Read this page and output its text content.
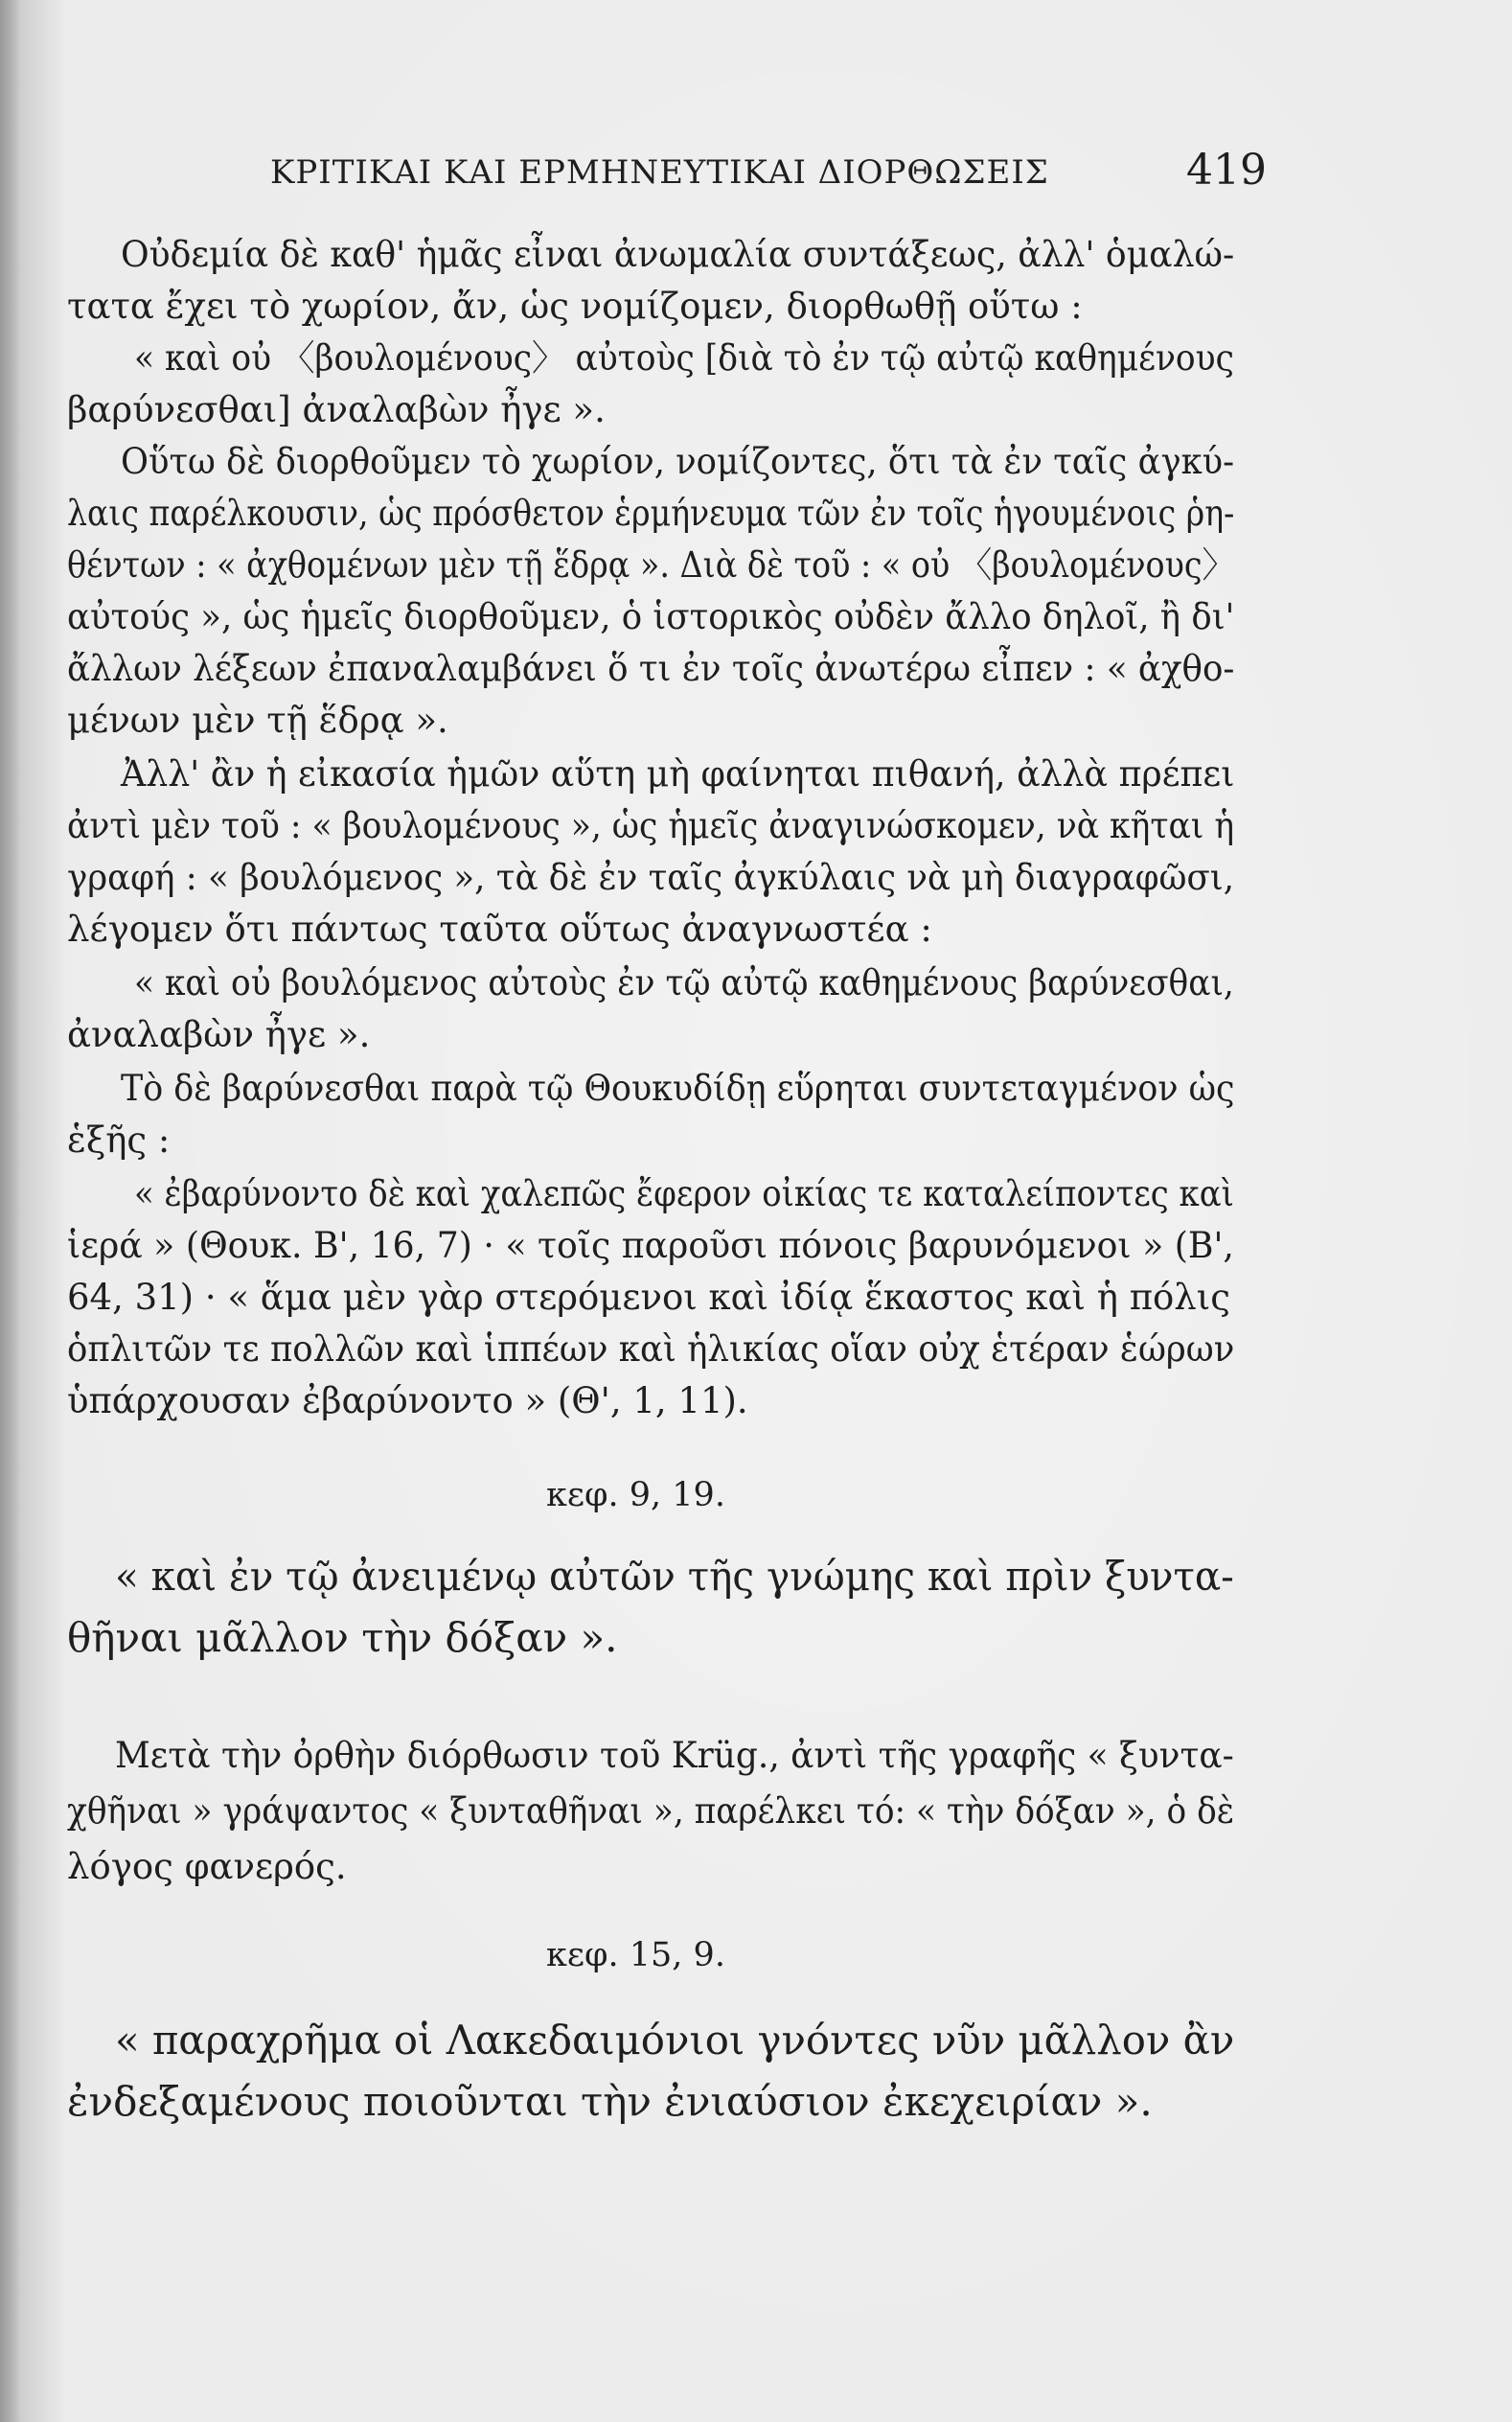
ΚΡΙΤΙΚΑΙ ΚΑΙ ΕΡΜΗΝΕΥΤΙΚΑΙ ΔΙΟΡΘΩΣΕΙΣ	419
Οὐδεμία δὲ καθ' ἡμᾶς εἶναι ἀνωμαλία συντάξεως, ἀλλ' ὁμαλώ-
τατα ἔχει τὸ χωρίον, ἄν, ὡς νομίζομεν, διορθωθῇ οὕτω :
« καὶ οὐ 〈βουλομένους〉 αὐτοὺς [διὰ τὸ ἐν τῷ αὐτῷ καθημένους
βαρύνεσθαι] ἀναλαβὼν ἦγε ».
Οὕτω δὲ διορθοῦμεν τὸ χωρίον, νομίζοντες, ὅτι τὰ ἐν ταῖς ἀγκύ-
λαις παρέλκουσιν, ὡς πρόσθετον ἑρμήνευμα τῶν ἐν τοῖς ἡγουμένοις ῥη-
θέντων : « ἀχθομένων μὲν τῇ ἕδρᾳ ». Διὰ δὲ τοῦ : « οὐ 〈βουλομένους〉
αὐτούς », ὡς ἡμεῖς διορθοῦμεν, ὁ ἱστορικὸς οὐδὲν ἄλλο δηλοῖ, ἢ δι'
ἄλλων λέξεων ἐπαναλαμβάνει ὅ τι ἐν τοῖς ἀνωτέρω εἶπεν : « ἀχθο-
μένων μὲν τῇ ἕδρᾳ ».
Ἀλλ' ἂν ἡ εἰκασία ἡμῶν αὕτη μὴ φαίνηται πιθανή, ἀλλὰ πρέπει
ἀντὶ μὲν τοῦ : « βουλομένους », ὡς ἡμεῖς ἀναγινώσκομεν, νὰ κῆται ἡ
γραφή : « βουλόμενος », τὰ δὲ ἐν ταῖς ἀγκύλαις νὰ μὴ διαγραφῶσι,
λέγομεν ὅτι πάντως ταῦτα οὕτως ἀναγνωστέα :
« καὶ οὐ βουλόμενος αὐτοὺς ἐν τῷ αὐτῷ καθημένους βαρύνεσθαι,
ἀναλαβὼν ἦγε ».
Τὸ δὲ βαρύνεσθαι παρὰ τῷ Θουκυδίδῃ εὕρηται συντεταγμένον ὡς
ἑξῆς :
« ἐβαρύνοντο δὲ καὶ χαλεπῶς ἔφερον οἰκίας τε καταλείποντες καὶ
ἱερά » (Θουκ. Β', 16, 7) · « τοῖς παροῦσι πόνοις βαρυνόμενοι » (Β',
64, 31) · « ἅμα μὲν γὰρ στερόμενοι καὶ ἰδίᾳ ἕκαστος καὶ ἡ πόλις
ὁπλιτῶν τε πολλῶν καὶ ἱππέων καὶ ἡλικίας οἵαν οὐχ ἑτέραν ἑώρων
ὑπάρχουσαν ἐβαρύνοντο » (Θ', 1, 11).
κεφ. 9, 19.
« καὶ ἐν τῷ ἀνειμένῳ αὐτῶν τῆς γνώμης καὶ πρὶν ξυντα-
θῆναι μᾶλλον τὴν δόξαν ».
Μετὰ τὴν ὀρθὴν διόρθωσιν τοῦ Krüg., ἀντὶ τῆς γραφῆς « ξυντα-
χθῆναι » γράψαντος « ξυνταθῆναι », παρέλκει τό: « τὴν δόξαν », ὁ δὲ
λόγος φανερός.
κεφ. 15, 9.
« παραχρῆμα οἱ Λακεδαιμόνιοι γνόντες νῦν μᾶλλον ἂν
ἐνδεξαμένους ποιοῦνται τὴν ἐνιαύσιον ἐκεχειρίαν ».
